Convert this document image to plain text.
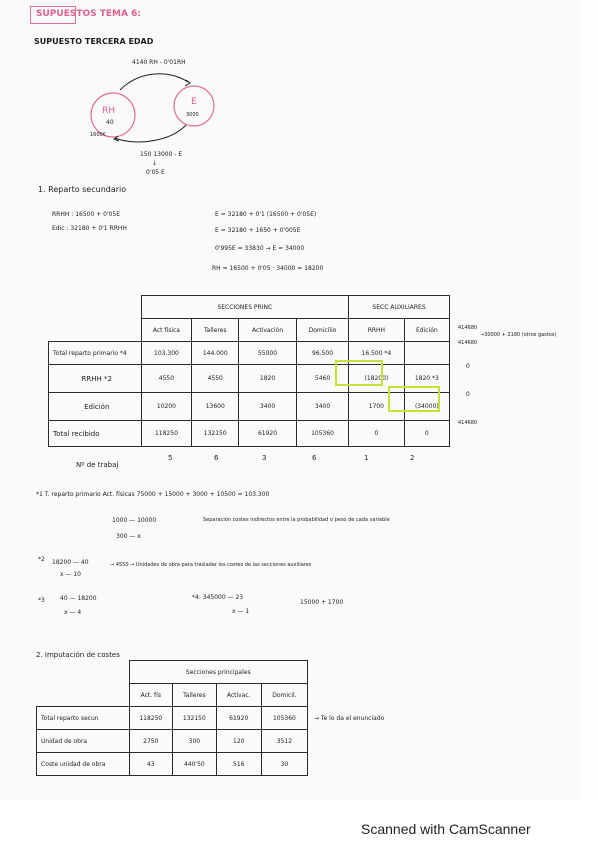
SUPUESTOS TEMA 6:
SUPUESTO TERCERA EDAD
4140 RH - 0'01RH
RH
40
E
3000
1600€
150 13000 - E
↓
0'05 E
1. Reparto secundario
RRHH : 16500 + 0'05E
Edic : 32180 + 0'1 RRHH
E = 32180 + 0'1 (16500 + 0'05E)
E = 32180 + 1650 + 0'005E
0'995E = 33830 → E = 34000
RH = 16500 + 0'05 · 34000 = 18200
	SECCIONES PRINC				SECC AUXILIARES	
	Act física	Talleres	Activación	Domicilio	RRHH	Edición
Total reparto primario *4	103.300	144.000	55000	96.500	16.500 *4	
RRHH *2	4550	4550	1820	5460	(18200)	1820 *3
Edición	10200	13600	3400	3400	1700	(34000)
Total recibido	118250	132150	61920	105360	0	0
414680
→30000 + 2180 (otros gastos)
414680
0
0
414680
Nº de trabaj
5	6	3	6	1	2
*1 T. reparto primario Act. físicas 75000 + 15000 + 3000 + 10500 = 103.300
1000 — 10000
300 — x
Separación costes indirectos entre la probabilidad o peso de cada variable
*2 18200 — 40
x — 10
→ 4550 → Unidades de obra para trasladar los costes de las secciones auxiliares
*3	40 — 18200
x — 4
*4: 345000 — 23
x — 1
15000 + 1700
2. Imputación de costes
	Secciones principales			
	Act. fís	Talleres	Activac.	Domicil.
Total reparto secun	118250	132150	61920	105360
Unidad de obra	2750	300	120	3512
Coste unidad de obra	43	440'50	516	30
→ Te lo da el enunciado
Scanned with CamScanner
